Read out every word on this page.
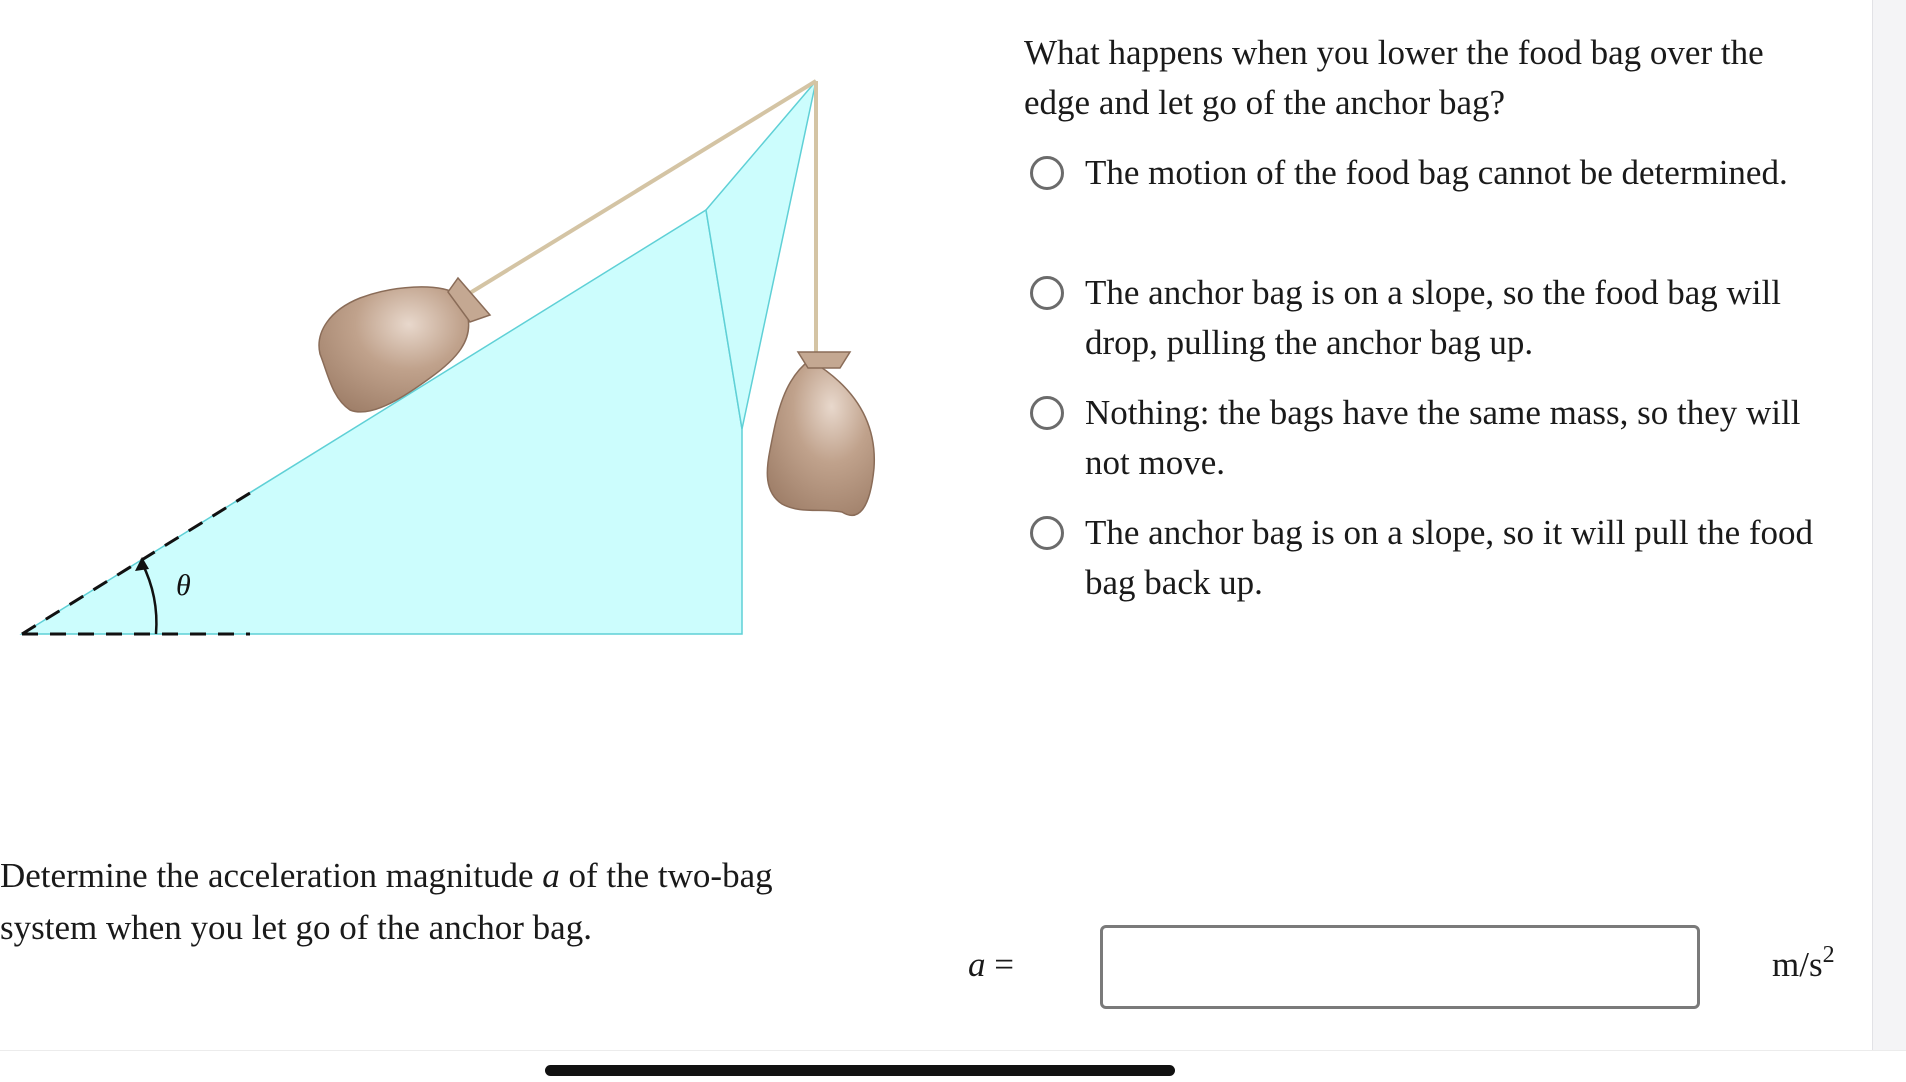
θ

What happens when you lower the food bag over the edge and let go of the anchor bag?

The motion of the food bag cannot be determined.
The anchor bag is on a slope, so the food bag will drop, pulling the anchor bag up.
Nothing: the bags have the same mass, so they will not move.
The anchor bag is on a slope, so it will pull the food bag back up.
Determine the acceleration magnitude a of the two-bag system when you let go of the anchor bag.
a =	$m/s^2$
